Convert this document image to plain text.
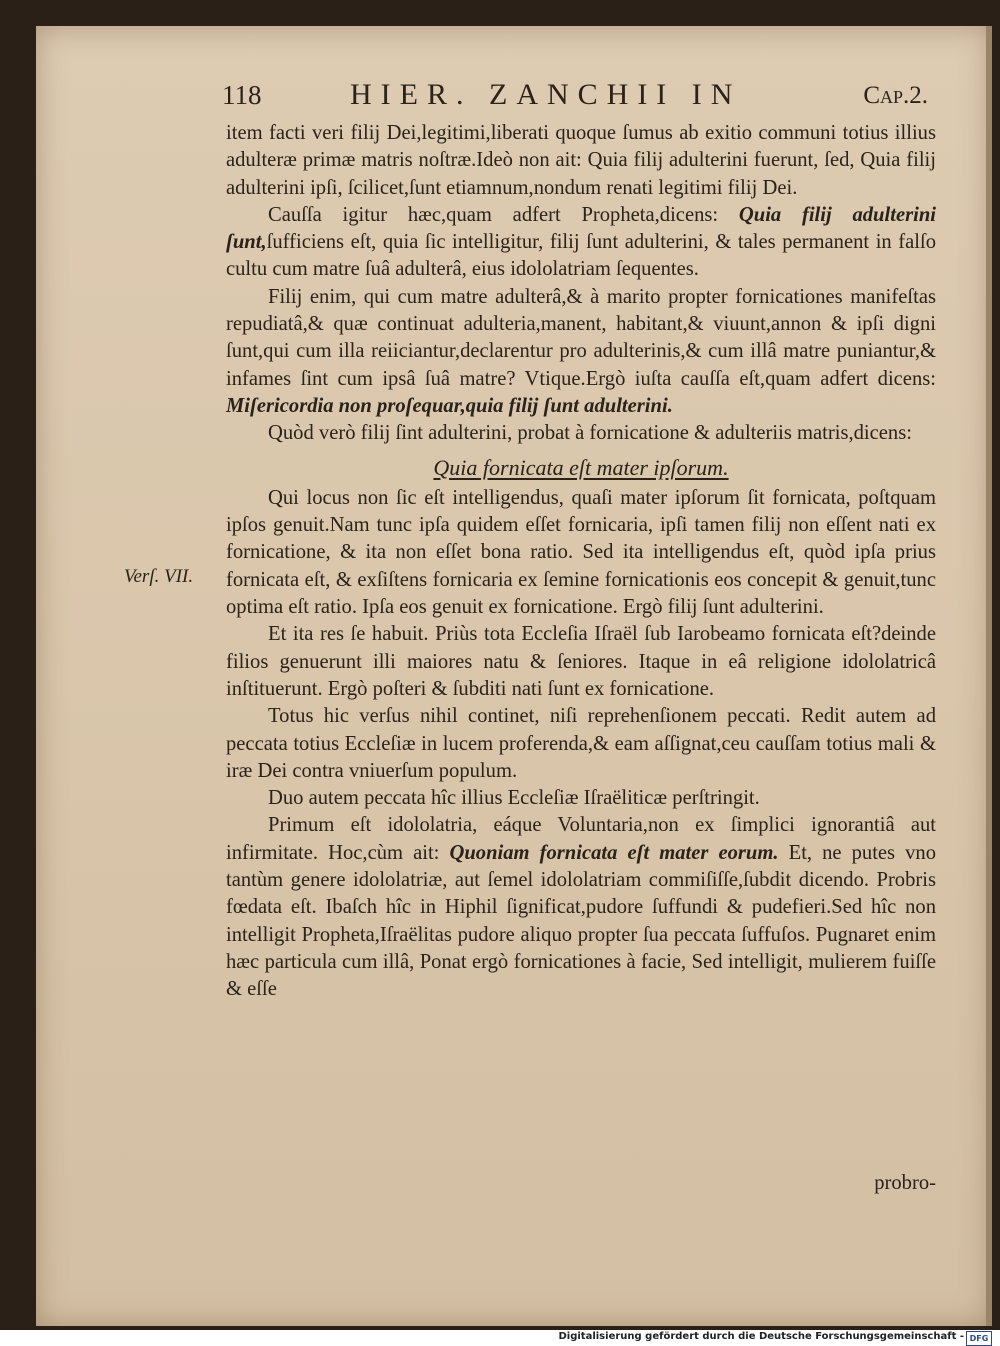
118	HIER. ZANCHII IN	Cap.2.
Verſ. VII.

item facti veri filij Dei,legitimi,liberati quoque ſumus ab exitio communi totius illius adulteræ primæ matris noſtræ.Ideò non ait: Quia filij adulterini fuerunt, ſed, Quia filij adulterini ipſi, ſcilicet,ſunt etiamnum,nondum renati legitimi filij Dei.

Cauſſa igitur hæc,quam adfert Propheta,dicens: Quia filij adulterini ſunt,ſufficiens eſt, quia ſic intelligitur, filij ſunt adulterini, & tales permanent in falſo cultu cum matre ſuâ adulterâ, eius idololatriam ſequentes.

Filij enim, qui cum matre adulterâ,& à marito propter fornicationes manifeſtas repudiatâ,& quæ continuat adulteria,manent, habitant,& viuunt,annon & ipſi digni ſunt,qui cum illa reiiciantur,declarentur pro adulterinis,& cum illâ matre puniantur,& infames ſint cum ipsâ ſuâ matre? Vtique.Ergò iuſta cauſſa eſt,quam adfert dicens: Miſericordia non proſequar,quia filij ſunt adulterini.

Quòd verò filij ſint adulterini, probat à fornicatione & adulteriis matris,dicens:

Quia fornicata eſt mater ipſorum.

Qui locus non ſic eſt intelligendus, quaſi mater ipſorum ſit fornicata, poſtquam ipſos genuit.Nam tunc ipſa quidem eſſet fornicaria, ipſi tamen filij non eſſent nati ex fornicatione, & ita non eſſet bona ratio. Sed ita intelligendus eſt, quòd ipſa prius fornicata eſt, & exſiſtens fornicaria ex ſemine fornicationis eos concepit & genuit,tunc optima eſt ratio. Ipſa eos genuit ex fornicatione. Ergò filij ſunt adulterini.

Et ita res ſe habuit. Priùs tota Eccleſia Iſraël ſub Iarobeamo fornicata eſt?deinde filios genuerunt illi maiores natu & ſeniores. Itaque in eâ religione idololatricâ inſtituerunt. Ergò poſteri & ſubditi nati ſunt ex fornicatione.

Totus hic verſus nihil continet, niſi reprehenſionem peccati. Redit autem ad peccata totius Eccleſiæ in lucem proferenda,& eam aſſignat,ceu cauſſam totius mali & iræ Dei contra vniuerſum populum.

Duo autem peccata hîc illius Eccleſiæ Iſraëliticæ perſtringit.

Primum eſt idololatria, eáque Voluntaria,non ex ſimplici ignorantiâ aut infirmitate. Hoc,cùm ait: Quoniam fornicata eſt mater eorum. Et, ne putes vno tantùm genere idololatriæ, aut ſemel idololatriam commiſiſſe,ſubdit dicendo. Probris fœdata eſt. Ibaſch hîc in Hiphil ſignificat,pudore ſuffundi & pudefieri.Sed hîc non intelligit Propheta,Iſraëlitas pudore aliquo propter ſua peccata ſuffuſos. Pugnaret enim hæc particula cum illâ, Ponat ergò fornicationes à facie, Sed intelligit, mulierem fuiſſe & eſſe

probro-
Digitalisierung gefördert durch die Deutsche Forschungsgemeinschaft - DFG
